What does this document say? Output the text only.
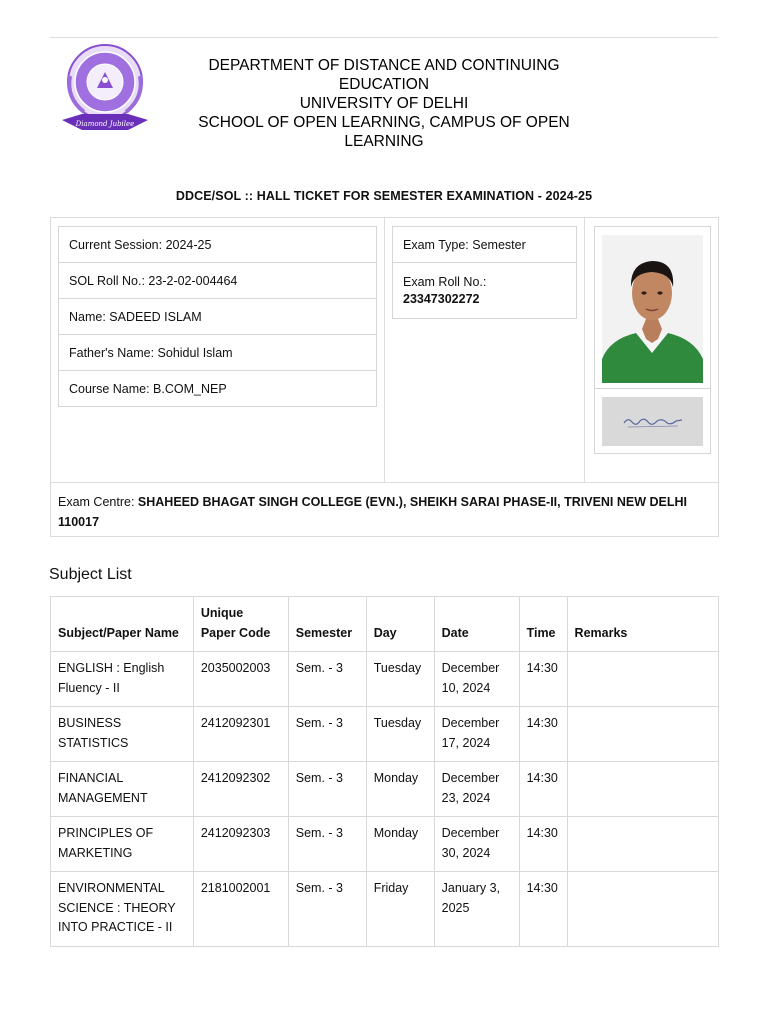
Diamond Jubilee
DEPARTMENT OF DISTANCE AND CONTINUING
EDUCATION
UNIVERSITY OF DELHI
SCHOOL OF OPEN LEARNING, CAMPUS OF OPEN
LEARNING
DDCE/SOL :: HALL TICKET FOR SEMESTER EXAMINATION - 2024-25
Current Session: 2024-25
SOL Roll No.: 23-2-02-004464
Name: SADEED ISLAM
Father's Name: Sohidul Islam
Course Name: B.COM_NEP
Exam Type: Semester

Exam Roll No.:
23347302272
Exam Centre: SHAHEED BHAGAT SINGH COLLEGE (EVN.), SHEIKH SARAI PHASE-II, TRIVENI NEW DELHI 110017
Subject List
Subject/Paper Name	Unique Paper Code	Semester	Day	Date	Time	Remarks
ENGLISH : English Fluency - II	2035002003	Sem. - 3	Tuesday	December 10, 2024	14:30	
BUSINESS STATISTICS	2412092301	Sem. - 3	Tuesday	December 17, 2024	14:30	
FINANCIAL MANAGEMENT	2412092302	Sem. - 3	Monday	December 23, 2024	14:30	
PRINCIPLES OF MARKETING	2412092303	Sem. - 3	Monday	December 30, 2024	14:30	
ENVIRONMENTAL SCIENCE : THEORY INTO PRACTICE - II	2181002001	Sem. - 3	Friday	January 3, 2025	14:30	
